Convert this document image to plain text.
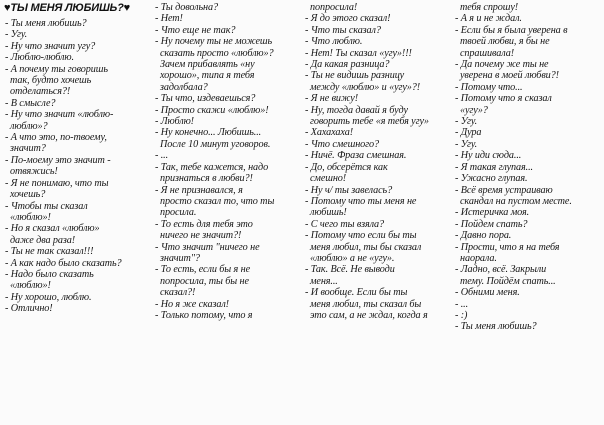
♥ТЫ МЕНЯ ЛЮБИШЬ?♥
- Ты меня любишь?
- Угу.
- Ну что значит угу?
- Люблю-люблю.
- А почему ты говоришь
так, будто хочешь
отделаться?!
- В смысле?
- Ну что значит «люблю-
люблю»?
- А что это, по-твоему,
значит?
- По-моему это значит -
отвяжись!
- Я не понимаю, что ты
хочешь?
- Чтобы ты сказал
«люблю»!
- Но я сказал «люблю»
даже два раза!
- Ты не так сказал!!!
- А как надо было сказать?
- Надо было сказать
«люблю»!
- Ну хорошо, люблю.
- Отлично!
- Ты довольна?
- Нет!
- Что еще не так?
- Ну почему ты не можешь
сказать просто «люблю»?
Зачем прибавлять «ну
хорошо», типа я тебя
задолбала?
- Ты что, издеваешься?
- Просто скажи «люблю»!
- Люблю!
- Ну конечно... Любишь...
После 10 минут уговоров.
- ...
- Так, тебе кажется, надо
признаться в любви?!
- Я не признавался, я
просто сказал то, что ты
просила.
- То есть для тебя это
ничего не значит?!
- Что значит "ничего не
значит"?
- То есть, если бы я не
попросила, ты бы не
сказал?!
- Но я же сказал!
- Только потому, что я
попросила!
- Я до этого сказал!
- Что ты сказал?
- Что люблю.
- Нет! Ты сказал «угу»!!!
- Да какая разница?
- Ты не видишь разницу
между «люблю» и «угу»?!
- Я не вижу!
- Ну, тогда давай я буду
говорить тебе «я тебя угу»
- Хахахаха!
- Что смешного?
- Ничё. Фраза смешная.
- До, обсерётся как
смешно!
- Ну ч/ ты завелась?
- Потому что ты меня не
любишь!
- С чего ты взяла?
- Потому что если бы ты
меня любил, ты бы сказал
«люблю» а не «угу».
- Так. Всё. Не выводи
меня...
- И вообще. Если бы ты
меня любил, ты сказал бы
это сам, а не ждал, когда я
тебя спрошу!
- А я и не ждал.
- Если бы я была уверена в
твоей любви, я бы не
спрашивала!
- Да почему же ты не
уверена в моей любви?!
- Потому что...
- Потому что я сказал
«угу»?
- Угу.
- Дура
- Угу.
- Ну иди сюда...
- Я такая глупая...
- Ужасно глупая.
- Всё время устраиваю
скандал на пустом месте.
- Истеричка моя.
- Пойдем спать?
- Давно пора.
- Прости, что я на тебя
наорала.
- Ладно, всё. Закрыли
тему. Пойдём спать...
- Обними меня.
- ...
- :)
- Ты меня любишь?
